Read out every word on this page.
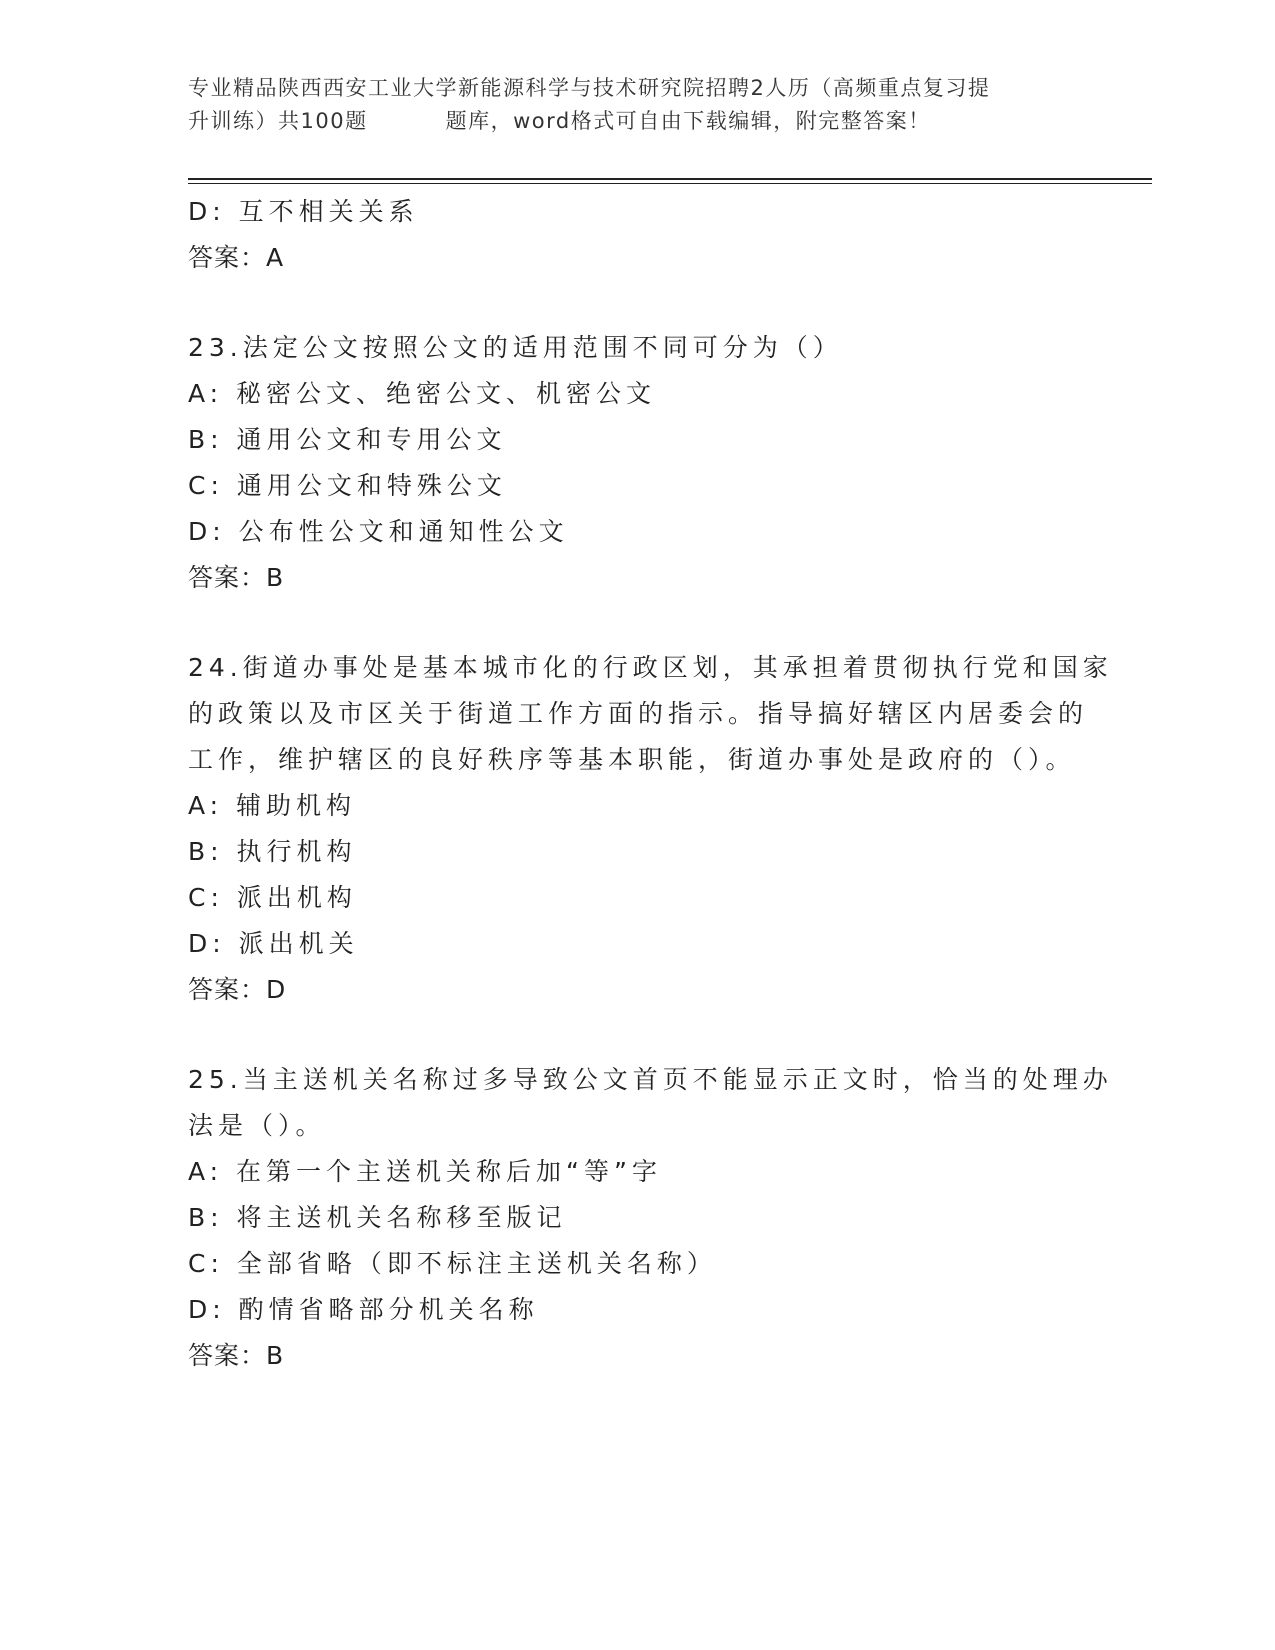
专业精品陕西西安工业大学新能源科学与技术研究院招聘2人历（高频重点复习提
升训练）共100题	题库，word格式可自由下载编辑，附完整答案！
D: 互不相关关系
答案：A
23.法定公文按照公文的适用范围不同可分为（）
A: 秘密公文、绝密公文、机密公文
B: 通用公文和专用公文
C: 通用公文和特殊公文
D: 公布性公文和通知性公文
答案：B
24.街道办事处是基本城市化的行政区划，其承担着贯彻执行党和国家
的政策以及市区关于街道工作方面的指示。指导搞好辖区内居委会的
工作，维护辖区的良好秩序等基本职能，街道办事处是政府的（）。
A: 辅助机构
B: 执行机构
C: 派出机构
D: 派出机关
答案：D
25.当主送机关名称过多导致公文首页不能显示正文时，恰当的处理办
法是（）。
A: 在第一个主送机关称后加“等”字
B: 将主送机关名称移至版记
C: 全部省略（即不标注主送机关名称）
D: 酌情省略部分机关名称
答案：B
